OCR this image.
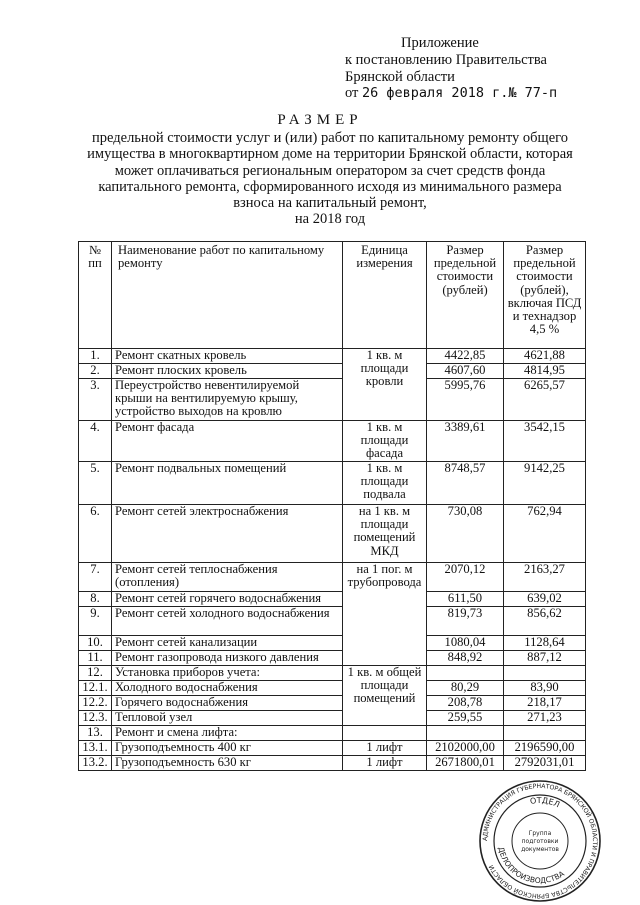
Приложение
к постановлению Правительства
Брянской области
от 26 февраля 2018 г.№ 77-п
РАЗМЕР
предельной стоимости услуг и (или) работ по капитальному ремонту общего
имущества в многоквартирном доме на территории Брянской области, которая
может оплачиваться региональным оператором за счет средств фонда
капитального ремонта, сформированного исходя из минимального размера
взноса на капитальный ремонт,
на 2018 год
№ пп	Наименование работ по капитальному ремонту	Единица измерения	Размер предельной стоимости (рублей)	Размер предельной стоимости (рублей), включая ПСД и технадзор 4,5 %
1.	Ремонт скатных кровель	1 кв. м площади кровли	4422,85	4621,88
2.	Ремонт плоских кровель		4607,60	4814,95
3.	Переустройство невентилируемой крыши на вентилируемую крышу, устройство выходов на кровлю		5995,76	6265,57
4.	Ремонт фасада	1 кв. м площади фасада	3389,61	3542,15
5.	Ремонт подвальных помещений	1 кв. м площади подвала	8748,57	9142,25
6.	Ремонт сетей электроснабжения	на 1 кв. м площади помещений МКД	730,08	762,94
7.	Ремонт сетей теплоснабжения (отопления)	на 1 пог. м трубопровода	2070,12	2163,27
8.	Ремонт сетей горячего водоснабжения		611,50	639,02
9.	Ремонт сетей холодного водоснабжения		819,73	856,62
10.	Ремонт сетей канализации		1080,04	1128,64
11.	Ремонт газопровода низкого давления		848,92	887,12
12.	Установка приборов учета:	1 кв. м общей площади помещений		
12.1.	Холодного водоснабжения		80,29	83,90
12.2.	Горячего водоснабжения		208,78	218,17
12.3.	Тепловой узел		259,55	271,23
13.	Ремонт и смена лифта:			
13.1.	Грузоподъемность 400 кг	1 лифт	2102000,00	2196590,00
13.2.	Грузоподъемность 630 кг	1 лифт	2671800,01	2792031,01
АДМИНИСТРАЦИЯ ГУБЕРНАТОРА БРЯНСКОЙ ОБЛАСТИ И ПРАВИТЕЛЬСТВА БРЯНСКОЙ ОБЛАСТИ
ОТДЕЛ
ДЕЛОПРОИЗВОДСТВА
Группа
подготовки
документов
